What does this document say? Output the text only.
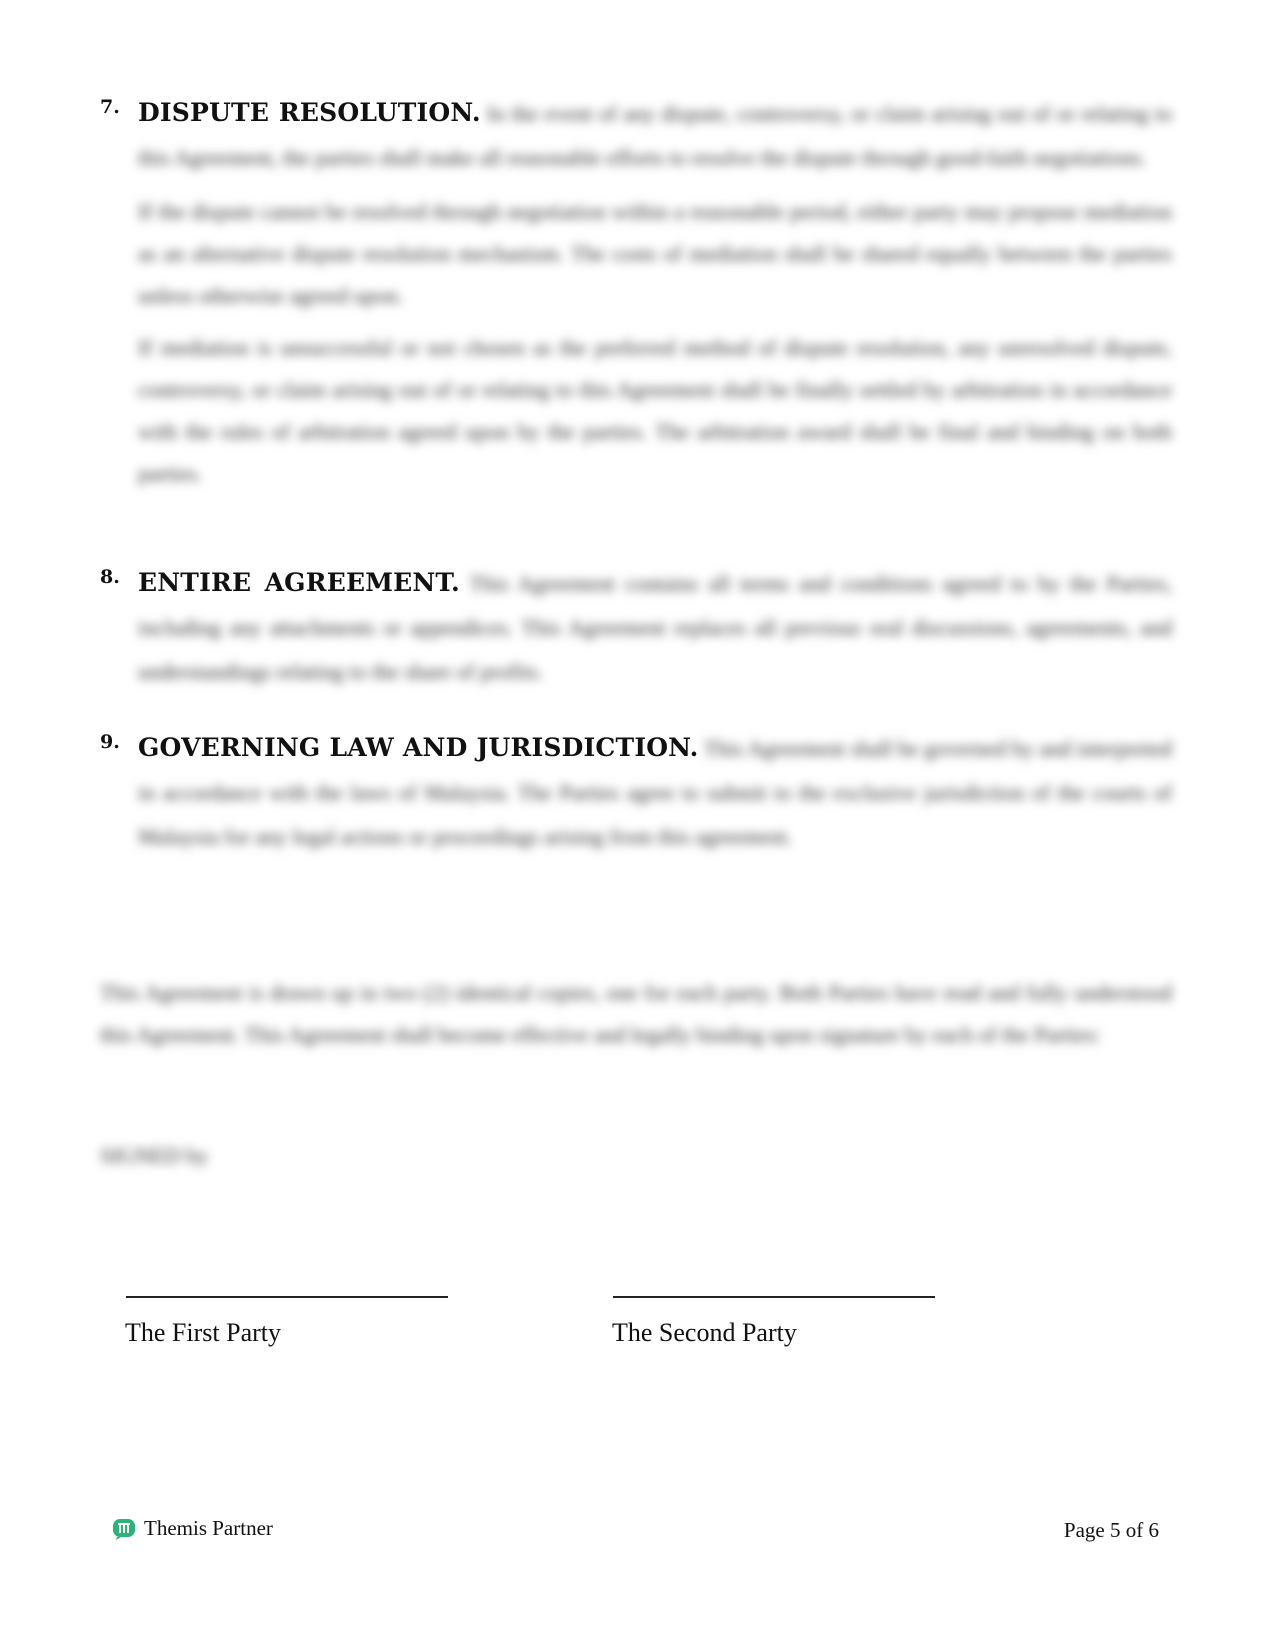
7. DISPUTE RESOLUTION. In the event of any dispute, controversy, or claim arising out of or relating to this Agreement, the parties shall make all reasonable efforts to resolve the dispute through good-faith negotiations.
If the dispute cannot be resolved through negotiation within a reasonable period, either party may propose mediation as an alternative dispute resolution mechanism. The costs of mediation shall be shared equally between the parties unless otherwise agreed upon.
If mediation is unsuccessful or not chosen as the preferred method of dispute resolution, any unresolved dispute, controversy, or claim arising out of or relating to this Agreement shall be finally settled by arbitration in accordance with the rules of arbitration agreed upon by the parties. The arbitration award shall be final and binding on both parties.
8. ENTIRE AGREEMENT. This Agreement contains all terms and conditions agreed to by the Parties, including any attachments or appendices. This Agreement replaces all previous oral discussions, agreements, and understandings relating to the share of profits.
9. GOVERNING LAW AND JURISDICTION. This Agreement shall be governed by and interpreted in accordance with the laws of Malaysia. The Parties agree to submit to the exclusive jurisdiction of the courts of Malaysia for any legal actions or proceedings arising from this agreement.
This Agreement is drawn up in two (2) identical copies, one for each party. Both Parties have read and fully understood this Agreement. This Agreement shall become effective and legally binding upon signature by each of the Parties:
SIGNED by
The First Party	The Second Party
Themis Partner	Page 5 of 6
